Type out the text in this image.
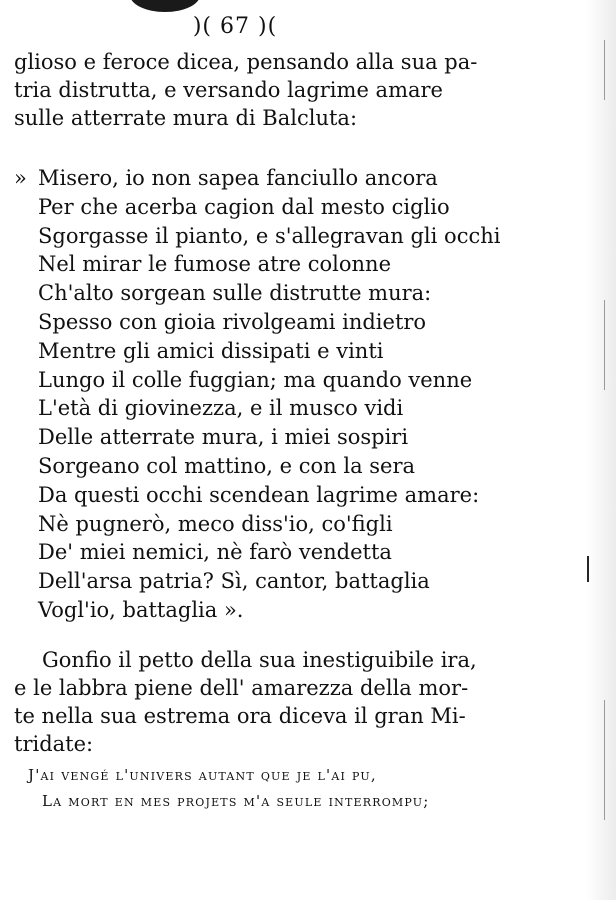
)( 67 )(
glioso e feroce dicea, pensando alla sua pa-
tria distrutta, e versando lagrime amare
sulle atterrate mura di Balcluta:
» Misero, io non sapea fanciullo ancora
Per che acerba cagion dal mesto ciglio
Sgorgasse il pianto, e s'allegravan gli occhi
Nel mirar le fumose atre colonne
Ch'alto sorgean sulle distrutte mura:
Spesso con gioia rivolgeami indietro
Mentre gli amici dissipati e vinti
Lungo il colle fuggian; ma quando venne
L'età di giovinezza, e il musco vidi
Delle atterrate mura, i miei sospiri
Sorgeano col mattino, e con la sera
Da questi occhi scendean lagrime amare:
Nè pugnerò, meco diss'io, co'figli
De' miei nemici, nè farò vendetta
Dell'arsa patria? Sì, cantor, battaglia
Vogl'io, battaglia ».
Gonfio il petto della sua inestiguibile ira,
e le labbra piene dell' amarezza della mor-
te nella sua estrema ora diceva il gran Mi-
tridate:
J'ai vengé l'univers autant que je l'ai pu,
La mort en mes projets m'a seule interrompu;
